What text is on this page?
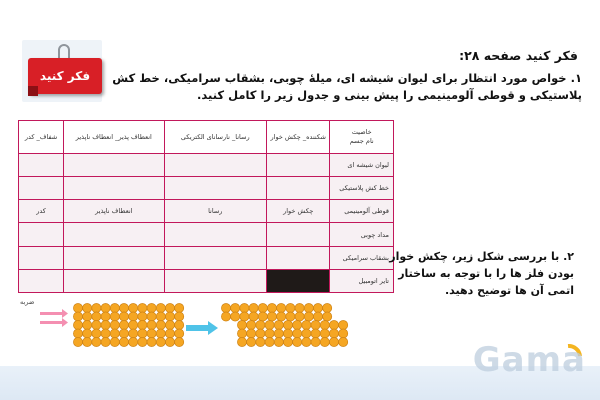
فکر کنید
فکر کنید صفحه ۲۸:
۱. خواص مورد انتظار برای لیوان شیشه ای، میلهٔ چوبی، بشقاب سرامیکی، خط کش پلاستیکی و قوطی آلومینیمی را پیش بینی و جدول زیر را کامل کنید.
خاصیت
نام جسم	شکننده_ چکش خوار	رسانا_ نارسانای الکتریکی	انعطاف پذیر_ انعطاف ناپذیر	شفاف_ کدر
لیوان شیشه ای				
خط کش پلاستیکی				
قوطی آلومینیمی	چکش خوار	رسانا	انعطاف ناپذیر	کدر
مداد چوبی				
بشقاب سرامیکی				
تایر اتومبیل				
۲. با بررسی شکل زیر، چکش خوار بودن فلز ها را با توجه به ساختار اتمی آن ها توضیح دهید.
ضربه
Gama
